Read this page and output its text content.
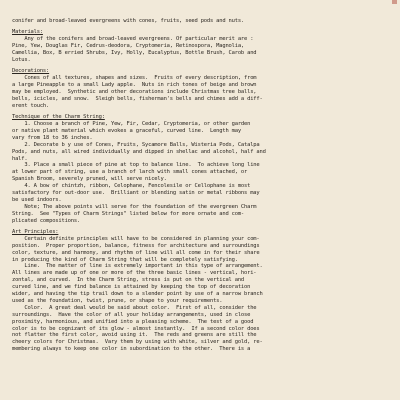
conifer and broad-leaved evergreens with cones, fruits, seed pods and nuts.
Materials:
Any of the conifers and broad-leaved evergreens. Of particular merit are :
Pine, Yew, Douglas Fir, Cedrus-deodora, Cryptomeria, Retinospora, Magnolia,
Camellia, Box, B erried Shrubs, Ivy, Holly, Eucalyptus, Bottle Brush, Carob and
Lotus.
Decorations:
Cones of all textures, shapes and sizes.  Fruits of every description, from
a large Pineapple to a small Lady apple.  Nuts in rich tones of beige and brown
may be employed.  Synthetic and other decorations include Christmas tree balls,
bells, icicles, and snow.  Sleigh bells, fisherman's bells and chimes add a diff-
erent touch.
Technique of the Charm String:
1. Choose a branch of Pine, Yew, Fir, Cedar, Cryptomeria, or other garden
or native plant material which evokes a graceful, curved line.  Length may
vary from 18 to 36 inches.
2. Decorate b y use of Cones, Fruits, Sycamore Balls, Wisteria Pods, Catalpa
Pods, and nuts, all wired individually and dipped in shellac and alcohol, half and
half.
3. Place a small piece of pine at top to balance line.  To achieve long line
at lower part of string, use a branch of larch with small cones attached, or
Spanish Broom, severely pruned, will serve nicely.
4. A bow of chintzh, ribbon, Celophane, Fencolesile or Cellophane is most
satisfactory for out-door use.  Brilliant or blending satin or metal ribbons may
be used indoors.
Note; The above points will serve for the foundation of the evergreen Charm
String.  See "Types of Charm Strings" listed below for more ornate and com-
plicated compositions.
Art Principles:
Certain definite principles will have to be considered in planning your com-
position.  Proper proportion, balance, fitness for architecture and surroundings
color, texture, and harmony, and rhythm of line will all come in for their share
in producing the kind of Charm String that will be completely satisfying.
Line.  The matter of line is extremely important in this type of arrangement.
All lines are made up of one or more of the three basic lines - vertical, hori-
zontal, and curved.  In the Charm String, stress is put on the vertical and
curved line, and we find balance is attained by keeping the top of decoration
wider, and having the tip trail down to a slender point by use of a narrow branch
used as the foundation, twist, prune, or shape to your requirements.
Color.  A great deal would be said about color.  First of all, consider the
surroundings.  Have the color of all your holiday arrangements, used in close
proximity, harmonious, and unified into a pleasing scheme.  The test of a good
color is to be cognizant of its glow - almost instantly.  If a second color does
not flatter the first color, avoid using it.  The reds and greens are still the
cheery colors for Christmas.  Vary them by using with white, silver and gold, re-
membering always to keep one color in subordination to the other.  There is a
